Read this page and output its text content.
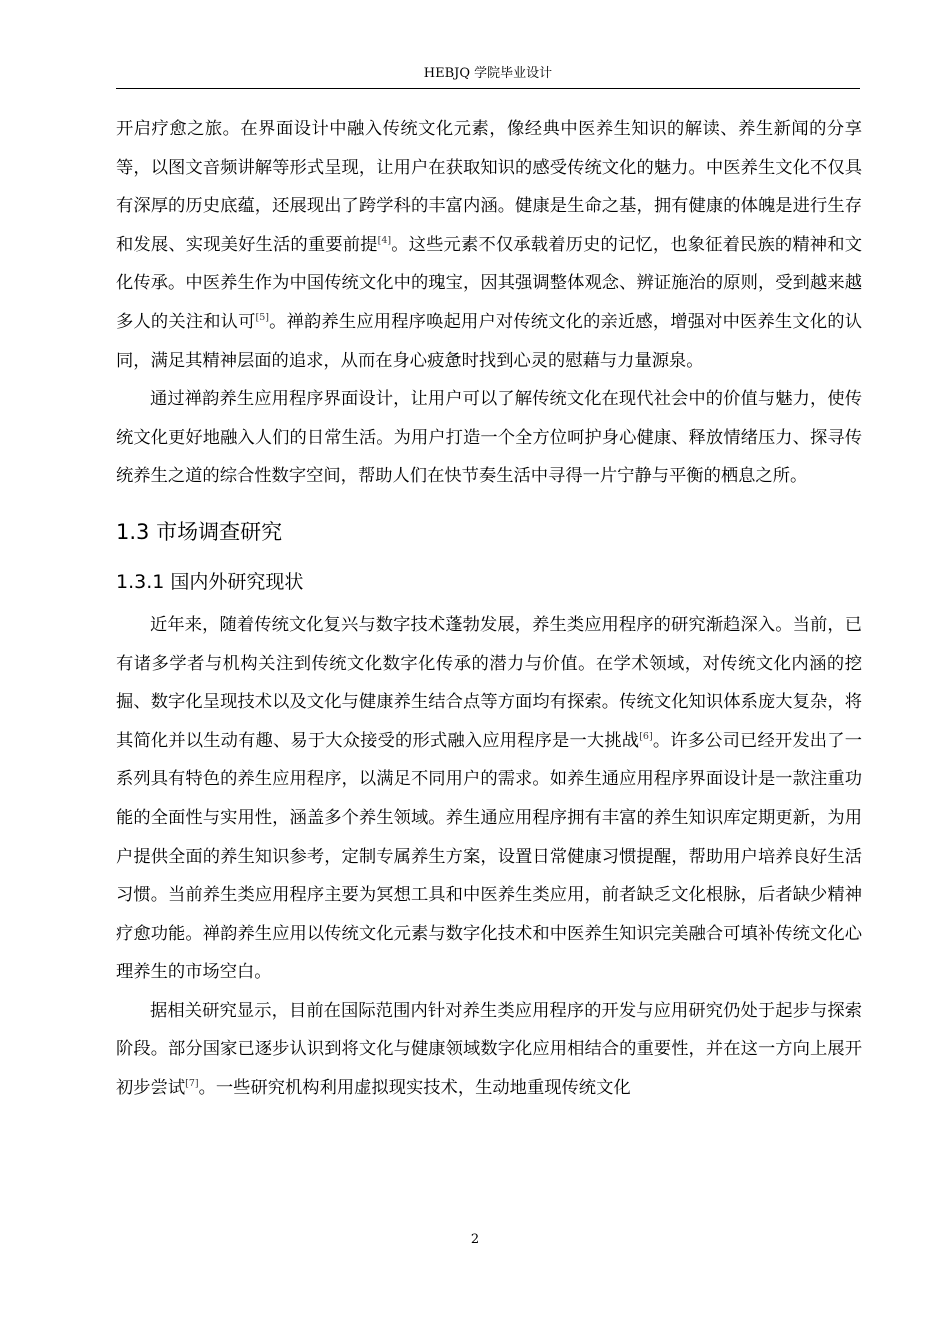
HEBJQ 学院毕业设计

开启疗愈之旅。在界面设计中融入传统文化元素，像经典中医养生知识的解读、养生新闻的分享等，以图文音频讲解等形式呈现，让用户在获取知识的感受传统文化的魅力。中医养生文化不仅具有深厚的历史底蕴，还展现出了跨学科的丰富内涵。健康是生命之基，拥有健康的体魄是进行生存和发展、实现美好生活的重要前提[4]。这些元素不仅承载着历史的记忆，也象征着民族的精神和文化传承。中医养生作为中国传统文化中的瑰宝，因其强调整体观念、辨证施治的原则，受到越来越多人的关注和认可[5]。禅韵养生应用程序唤起用户对传统文化的亲近感，增强对中医养生文化的认同，满足其精神层面的追求，从而在身心疲惫时找到心灵的慰藉与力量源泉。

通过禅韵养生应用程序界面设计，让用户可以了解传统文化在现代社会中的价值与魅力，使传统文化更好地融入人们的日常生活。为用户打造一个全方位呵护身心健康、释放情绪压力、探寻传统养生之道的综合性数字空间，帮助人们在快节奏生活中寻得一片宁静与平衡的栖息之所。

1.3 市场调查研究
1.3.1 国内外研究现状

近年来，随着传统文化复兴与数字技术蓬勃发展，养生类应用程序的研究渐趋深入。当前，已有诸多学者与机构关注到传统文化数字化传承的潜力与价值。在学术领域，对传统文化内涵的挖掘、数字化呈现技术以及文化与健康养生结合点等方面均有探索。传统文化知识体系庞大复杂，将其简化并以生动有趣、易于大众接受的形式融入应用程序是一大挑战[6]。许多公司已经开发出了一系列具有特色的养生应用程序，以满足不同用户的需求。如养生通应用程序界面设计是一款注重功能的全面性与实用性，涵盖多个养生领域。养生通应用程序拥有丰富的养生知识库定期更新，为用户提供全面的养生知识参考，定制专属养生方案，设置日常健康习惯提醒，帮助用户培养良好生活习惯。当前养生类应用程序主要为冥想工具和中医养生类应用，前者缺乏文化根脉，后者缺少精神疗愈功能。禅韵养生应用以传统文化元素与数字化技术和中医养生知识完美融合可填补传统文化心理养生的市场空白。

据相关研究显示，目前在国际范围内针对养生类应用程序的开发与应用研究仍处于起步与探索阶段。部分国家已逐步认识到将文化与健康领域数字化应用相结合的重要性，并在这一方向上展开初步尝试[7]。一些研究机构利用虚拟现实技术，生动地重现传统文化

2
